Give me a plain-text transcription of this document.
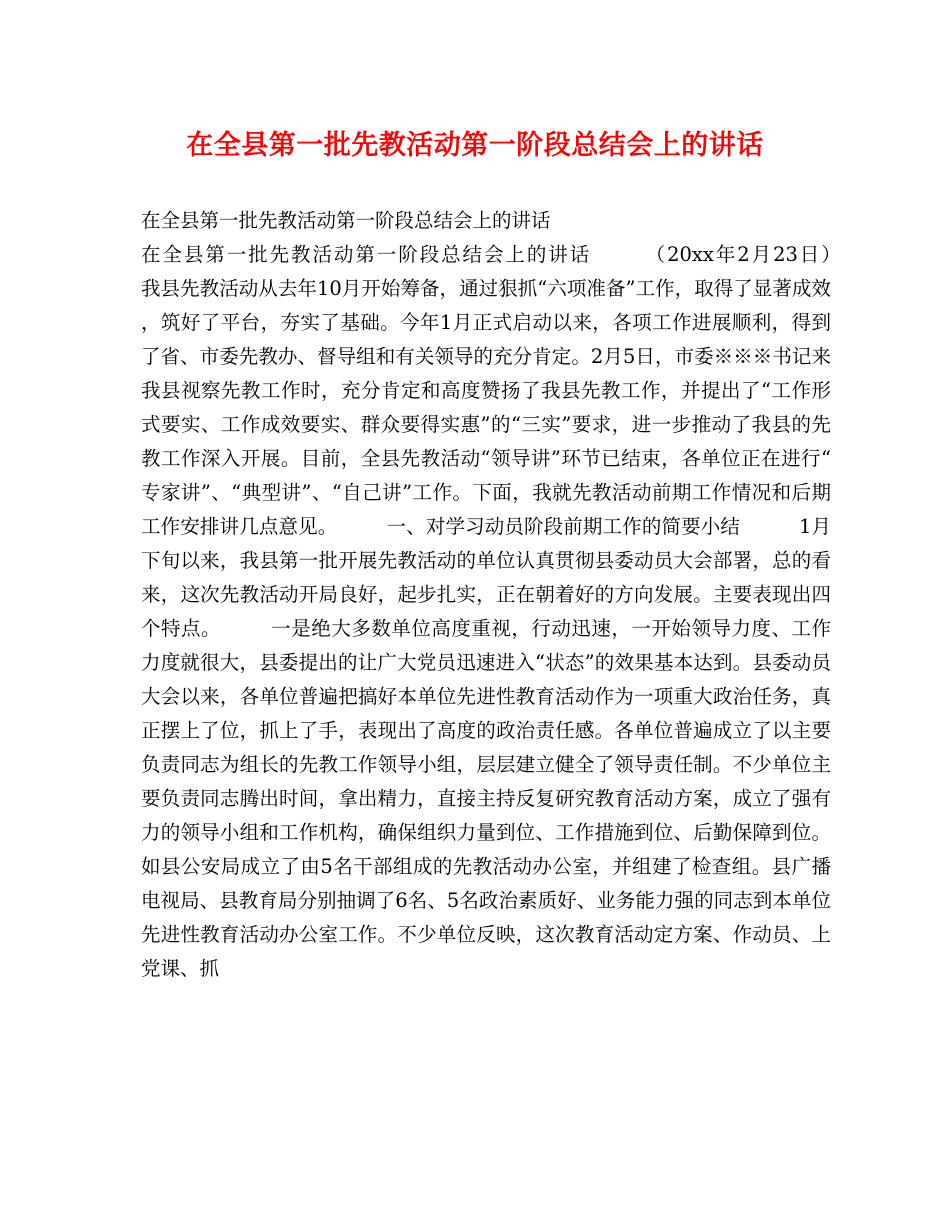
在全县第一批先教活动第一阶段总结会上的讲话

在全县第一批先教活动第一阶段总结会上的讲话

在全县第一批先教活动第一阶段总结会上的讲话　　　（20xx年2月23日）　　　我县先教活动从去年10月开始筹备，通过狠抓“六项准备”工作，取得了显著成效，筑好了平台，夯实了基础。今年1月正式启动以来，各项工作进展顺利，得到了省、市委先教办、督导组和有关领导的充分肯定。2月5日，市委※※※书记来我县视察先教工作时，充分肯定和高度赞扬了我县先教工作，并提出了“工作形式要实、工作成效要实、群众要得实惠”的“三实”要求，进一步推动了我县的先教工作深入开展。目前，全县先教活动“领导讲”环节已结束，各单位正在进行“专家讲”、“典型讲”、“自己讲”工作。下面，我就先教活动前期工作情况和后期工作安排讲几点意见。　　　一、对学习动员阶段前期工作的简要小结　　　1月下旬以来，我县第一批开展先教活动的单位认真贯彻县委动员大会部署，总的看来，这次先教活动开局良好，起步扎实，正在朝着好的方向发展。主要表现出四个特点。　　　一是绝大多数单位高度重视，行动迅速，一开始领导力度、工作力度就很大，县委提出的让广大党员迅速进入“状态”的效果基本达到。县委动员大会以来，各单位普遍把搞好本单位先进性教育活动作为一项重大政治任务，真正摆上了位，抓上了手，表现出了高度的政治责任感。各单位普遍成立了以主要负责同志为组长的先教工作领导小组，层层建立健全了领导责任制。不少单位主要负责同志腾出时间，拿出精力，直接主持反复研究教育活动方案，成立了强有力的领导小组和工作机构，确保组织力量到位、工作措施到位、后勤保障到位。如县公安局成立了由5名干部组成的先教活动办公室，并组建了检查组。县广播电视局、县教育局分别抽调了6名、5名政治素质好、业务能力强的同志到本单位先进性教育活动办公室工作。不少单位反映，这次教育活动定方案、作动员、上党课、抓
